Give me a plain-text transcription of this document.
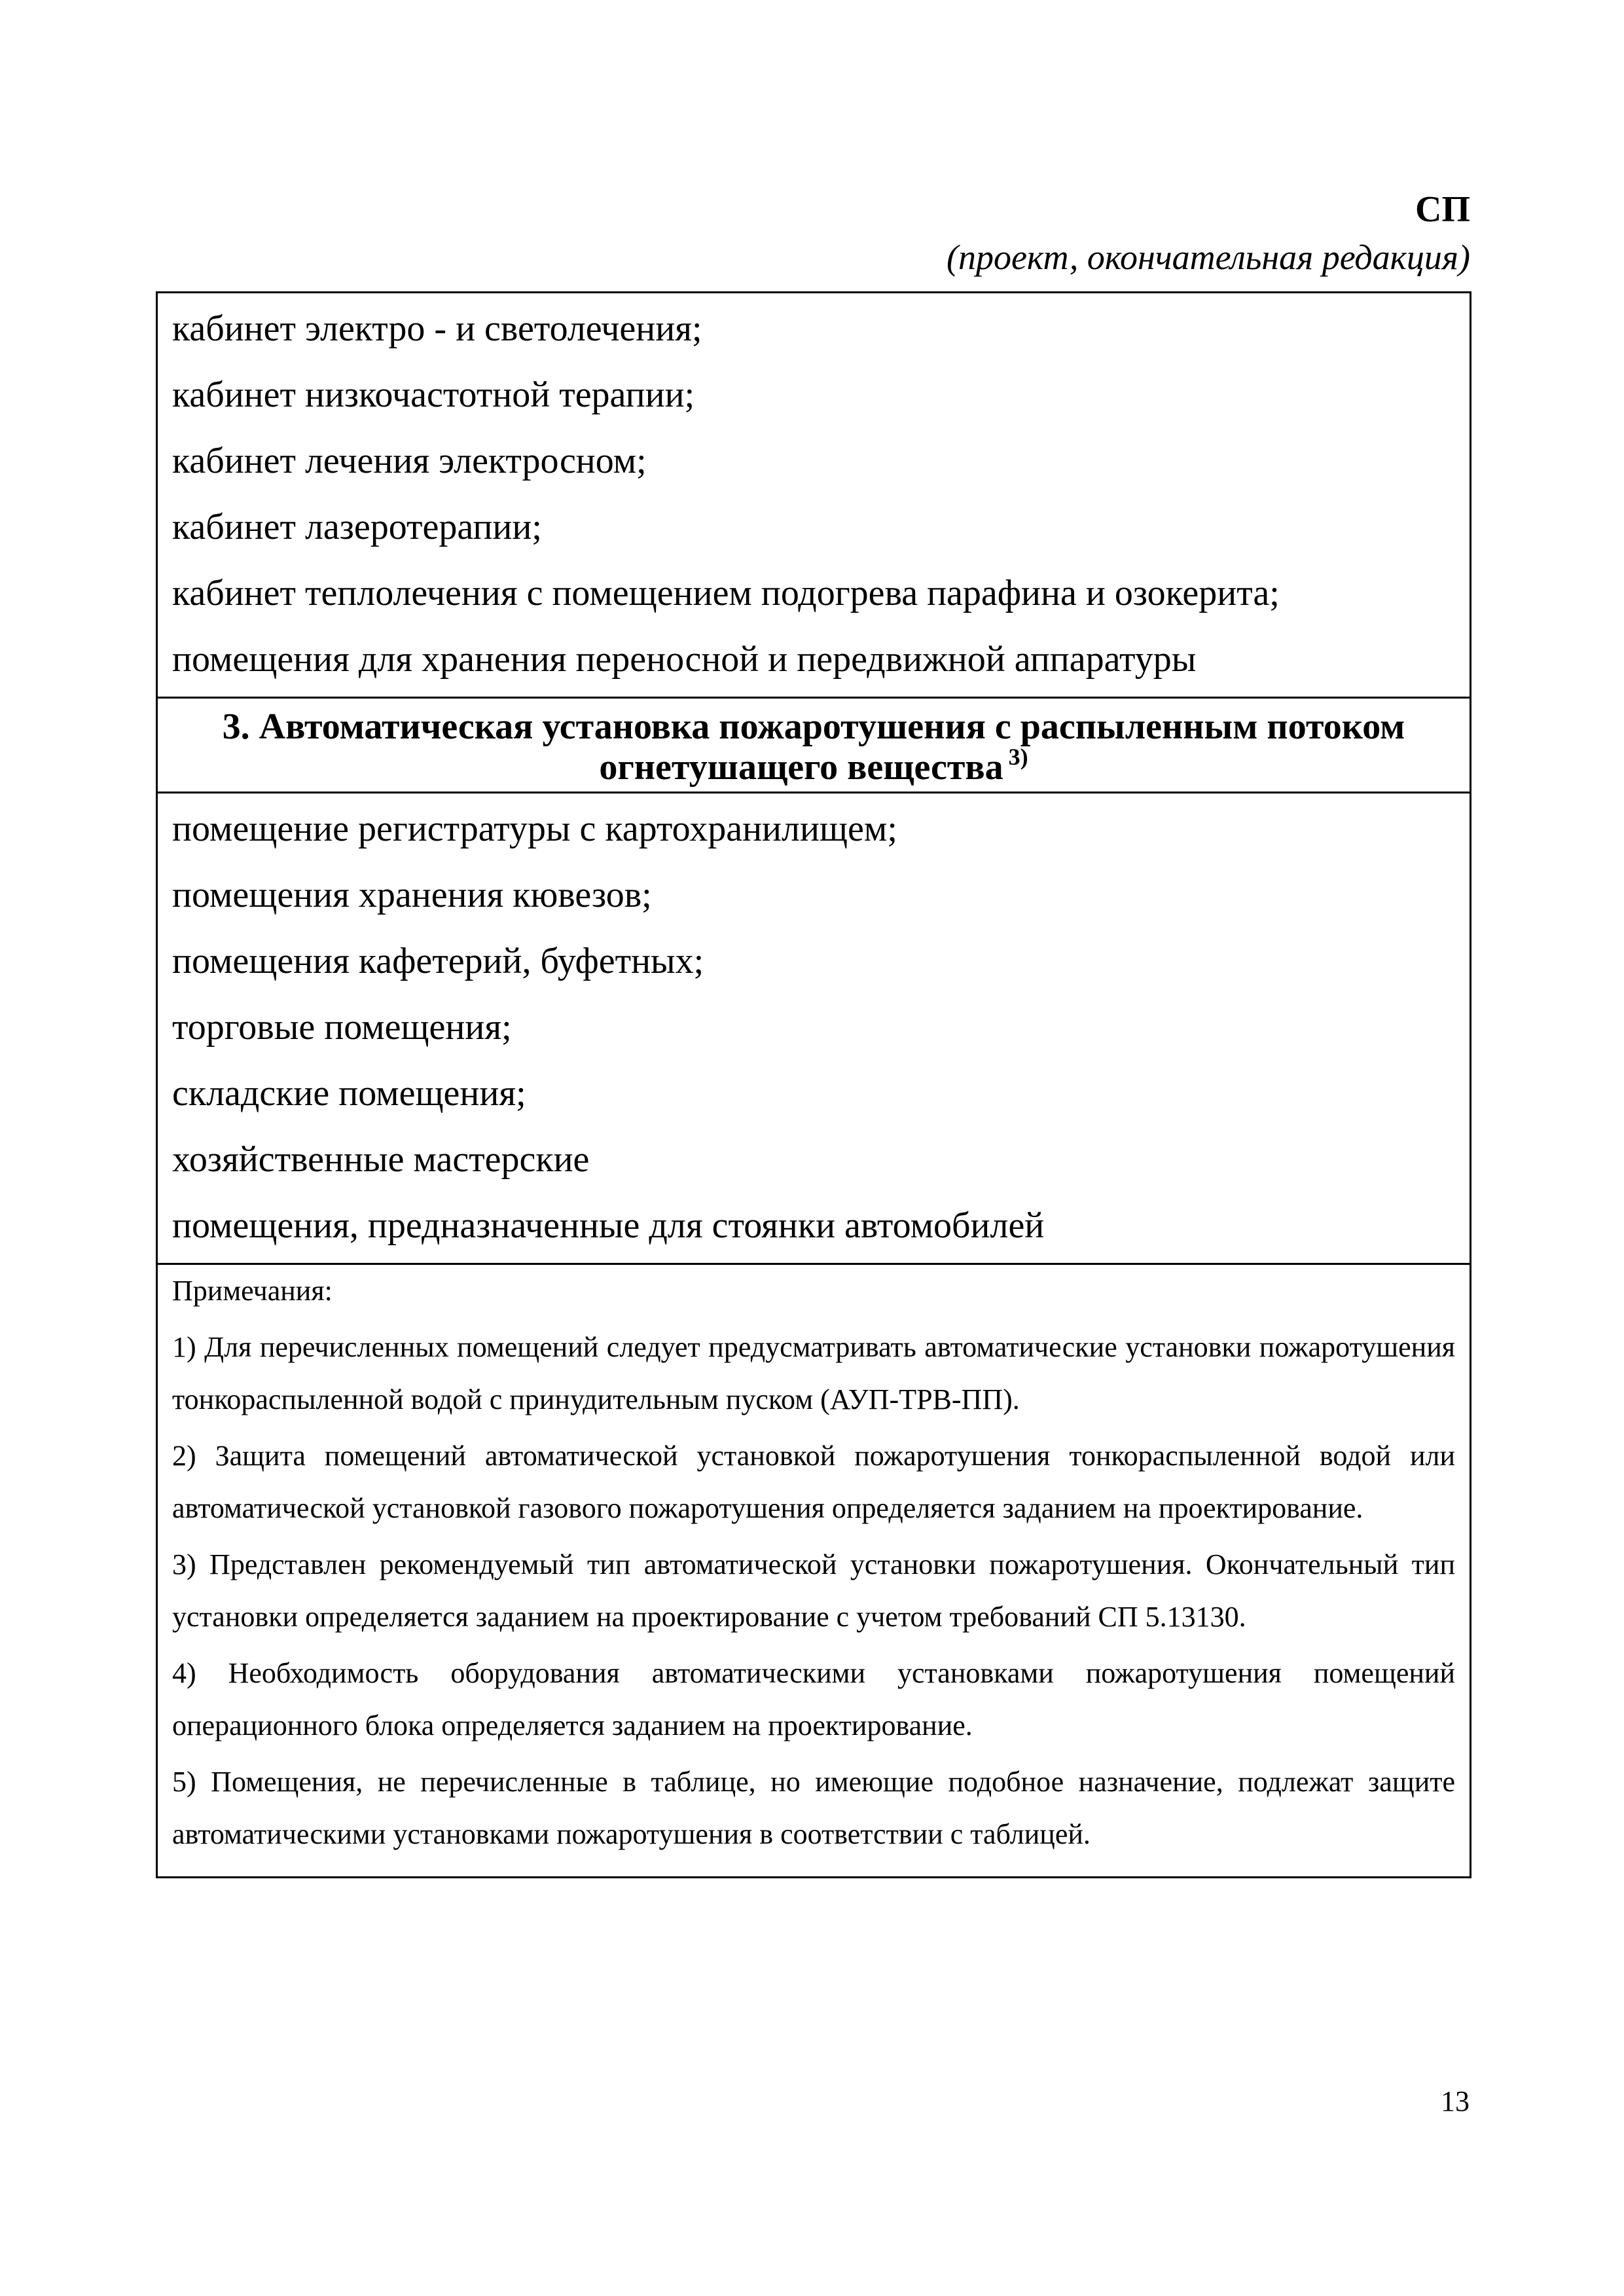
СП
(проект, окончательная редакция)
кабинет электро - и светолечения;
кабинет низкочастотной терапии;
кабинет лечения электросном;
кабинет лазеротерапии;
кабинет теплолечения с помещением подогрева парафина и озокерита;
помещения для хранения переносной и передвижной аппаратуры

3. Автоматическая установка пожаротушения с распыленным потоком
огнетушащего вещества $^{3)}$

помещение регистратуры с картохранилищем;
помещения хранения кювезов;
помещения кафетерий, буфетных;
торговые помещения;
складские помещения;
хозяйственные мастерские
помещения, предназначенные для стоянки автомобилей

Примечания:

1) Для перечисленных помещений следует предусматривать автоматические установки пожаротушения тонкораспыленной водой с принудительным пуском (АУП-ТРВ-ПП).

2) Защита помещений автоматической установкой пожаротушения тонкораспыленной водой или автоматической установкой газового пожаротушения определяется заданием на проектирование.

3) Представлен рекомендуемый тип автоматической установки пожаротушения. Окончательный тип установки определяется заданием на проектирование с учетом требований СП 5.13130.

4) Необходимость оборудования автоматическими установками пожаротушения помещений операционного блока определяется заданием на проектирование.

5) Помещения, не перечисленные в таблице, но имеющие подобное назначение, подлежат защите автоматическими установками пожаротушения в соответствии с таблицей.

13
